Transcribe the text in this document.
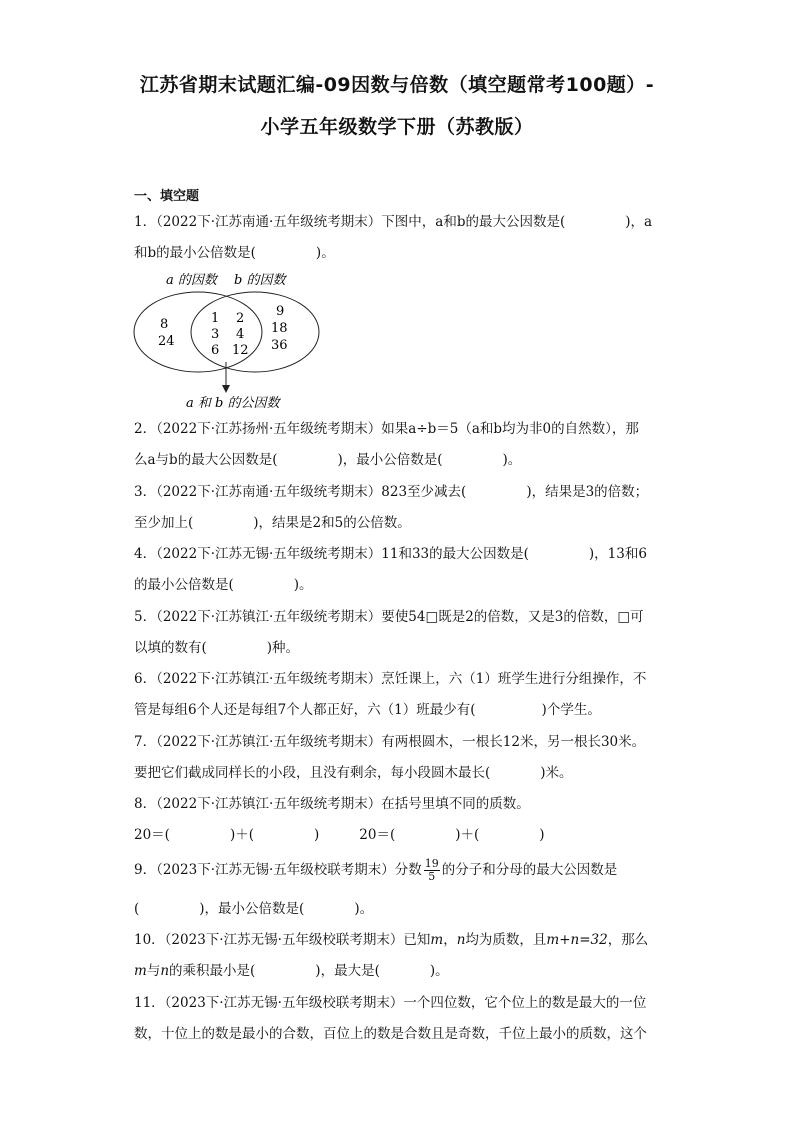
江苏省期末试题汇编-09因数与倍数（填空题常考100题）-
小学五年级数学下册（苏教版）
一、填空题
1．（2022下·江苏南通·五年级统考期末）下图中，a和b的最大公因数是(	)，a
和b的最小公倍数是(	)。
a 的因数 b 的因数
8
24
1 2
3 4
6 12
9
18
36
a 和 b 的公因数
2．（2022下·江苏扬州·五年级统考期末）如果a÷b＝5（a和b均为非0的自然数），那
么a与b的最大公因数是(	)，最小公倍数是(	)。
3．（2022下·江苏南通·五年级统考期末）823至少减去(	)，结果是3的倍数；
至少加上(	)，结果是2和5的公倍数。
4．（2022下·江苏无锡·五年级统考期末）11和33的最大公因数是(	)，13和6
的最小公倍数是(	)。
5．（2022下·江苏镇江·五年级统考期末）要使54□既是2的倍数，又是3的倍数，□可
以填的数有(	)种。
6．（2022下·江苏镇江·五年级统考期末）烹饪课上，六（1）班学生进行分组操作，不
管是每组6个人还是每组7个人都正好，六（1）班最少有(	)个学生。
7．（2022下·江苏镇江·五年级统考期末）有两根圆木，一根长12米，另一根长30米。
要把它们截成同样长的小段，且没有剩余，每小段圆木最长(	)米。
8．（2022下·江苏镇江·五年级统考期末）在括号里填不同的质数。
20＝(	)＋(	)	20＝(	)＋(	)
9．（2023下·江苏无锡·五年级校联考期末）分数 $\frac{19}{5}$ 的分子和分母的最大公因数是
(	)，最小公倍数是(	)。
10．（2023下·江苏无锡·五年级校联考期末）已知m，n均为质数，且m+n=32，那么
m与n的乘积最小是(	)，最大是(	)。
11．（2023下·江苏无锡·五年级校联考期末）一个四位数，它个位上的数是最大的一位
数，十位上的数是最小的合数，百位上的数是合数且是奇数，千位上最小的质数，这个
